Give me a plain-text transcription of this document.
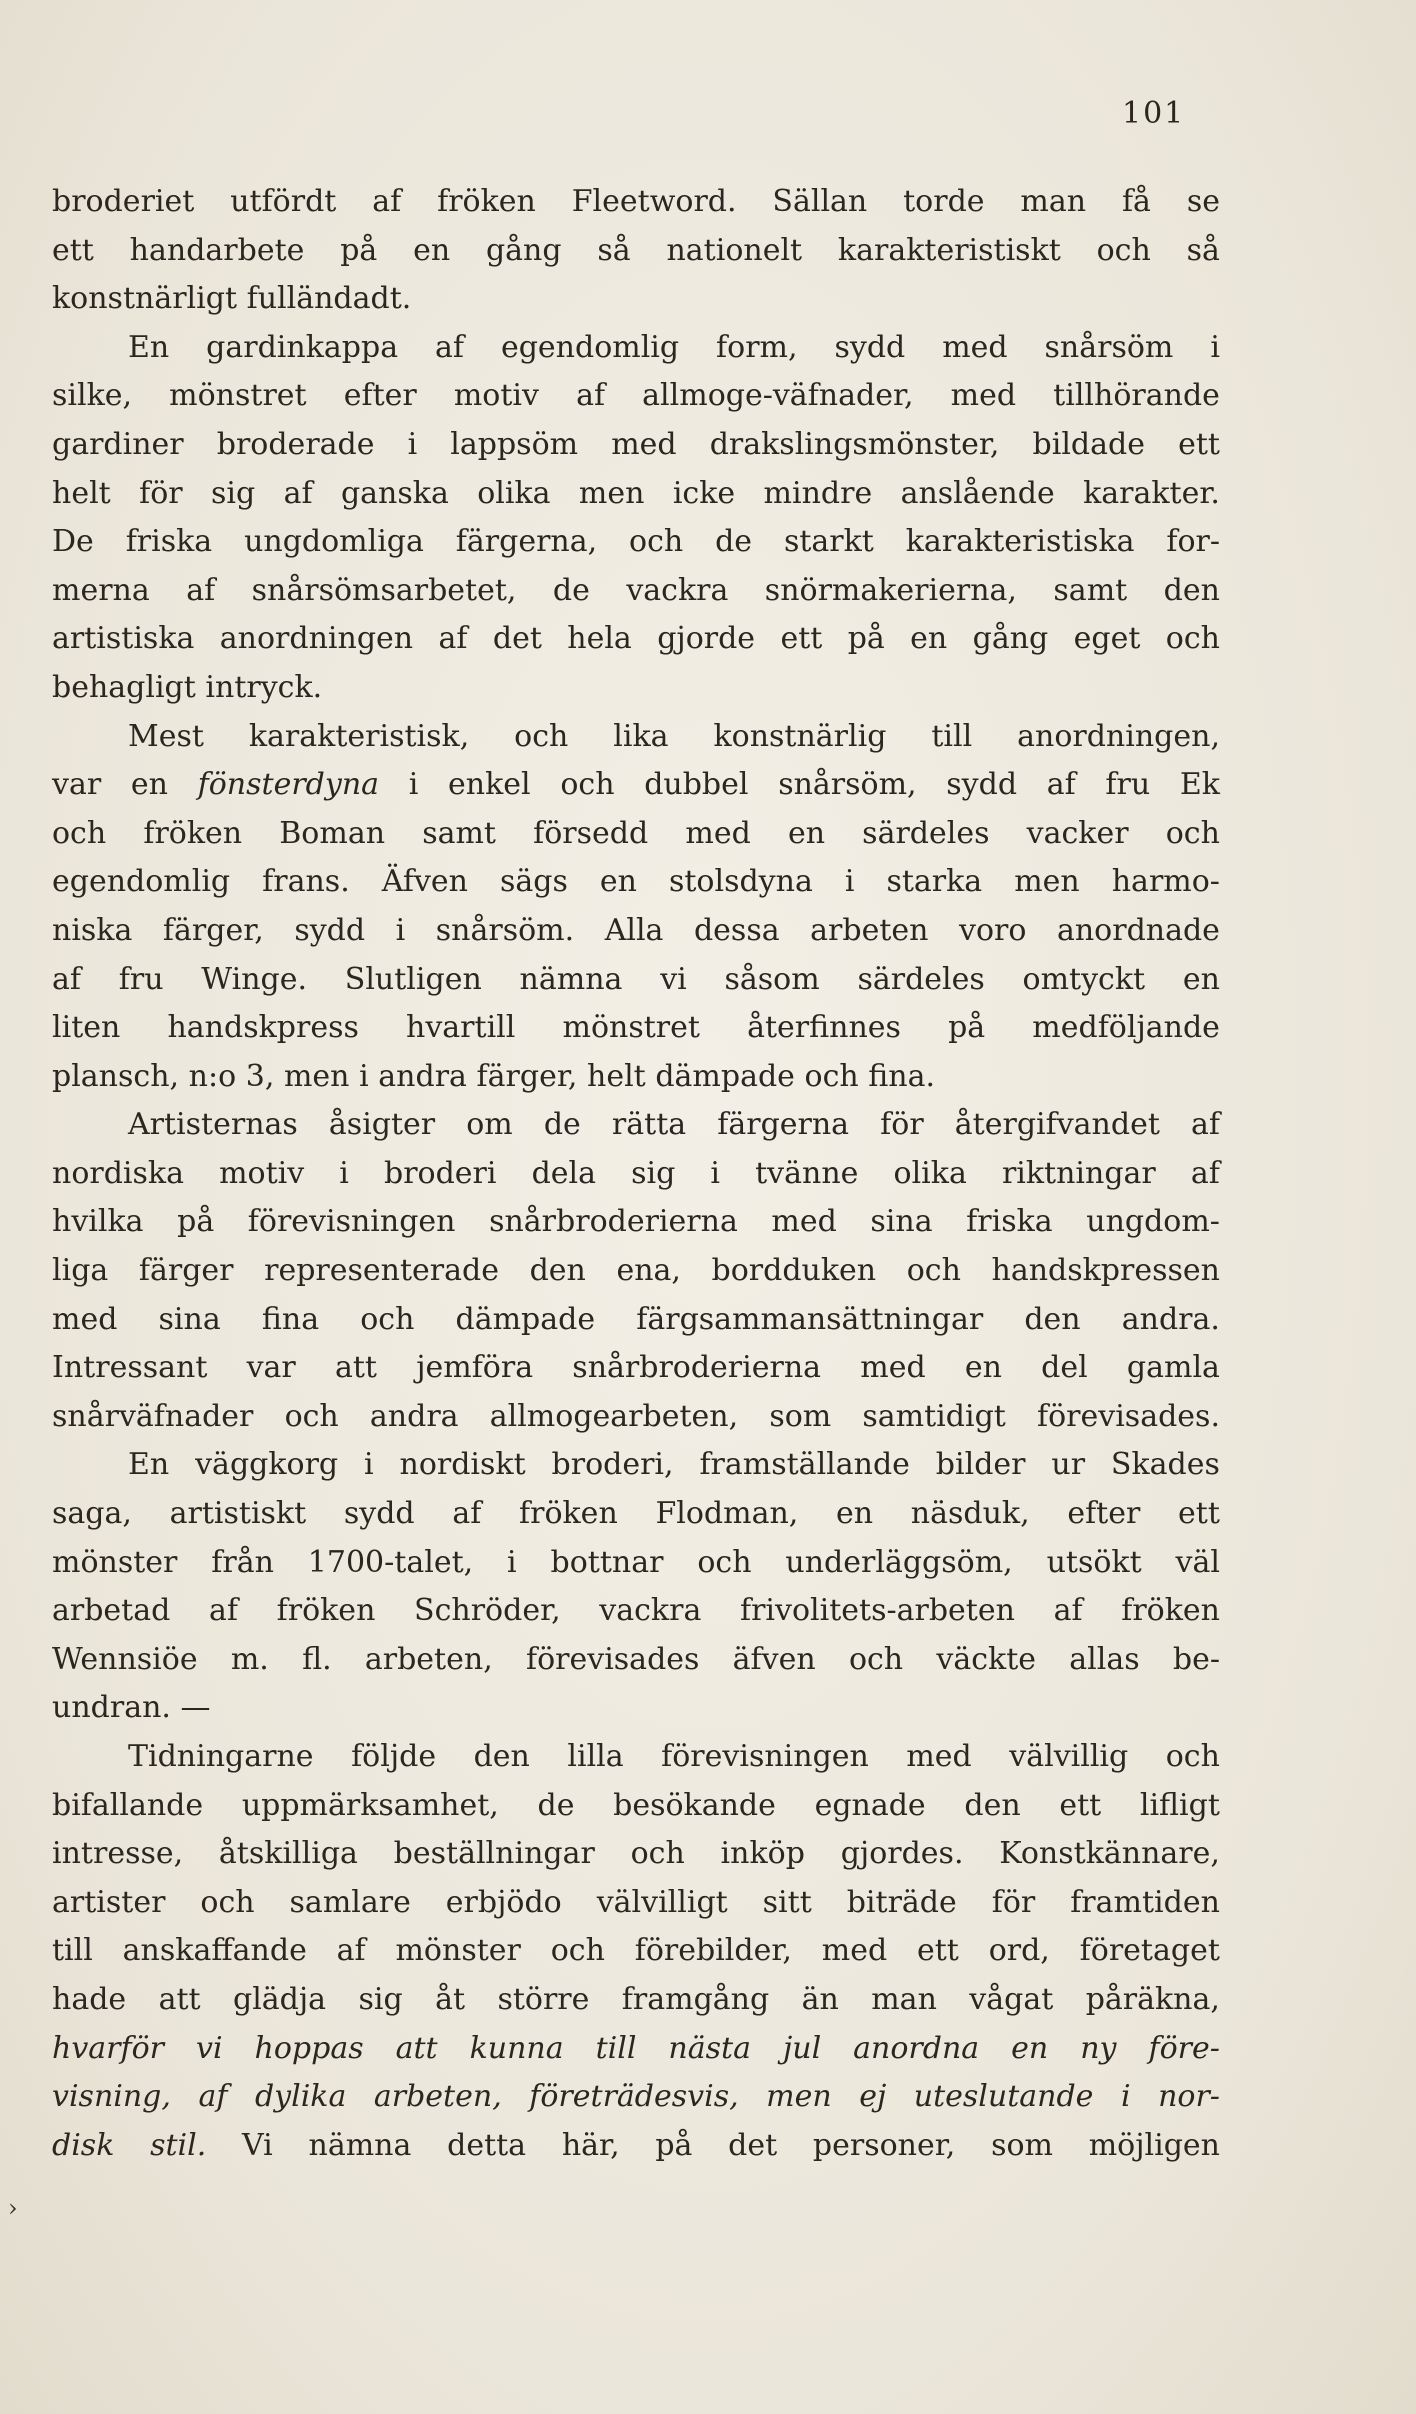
101
›
broderiet utfördt af fröken Fleetword. Sällan torde man få se
ett handarbete på en gång så nationelt karakteristiskt och så
konstnärligt fulländadt.
En gardinkappa af egendomlig form, sydd med snårsöm i
silke, mönstret efter motiv af allmoge-väfnader, med tillhörande
gardiner broderade i lappsöm med drakslingsmönster, bildade ett
helt för sig af ganska olika men icke mindre anslående karakter.
De friska ungdomliga färgerna, och de starkt karakteristiska for-
merna af snårsömsarbetet, de vackra snörmakerierna, samt den
artistiska anordningen af det hela gjorde ett på en gång eget och
behagligt intryck.
Mest karakteristisk, och lika konstnärlig till anordningen,
var en fönsterdyna i enkel och dubbel snårsöm, sydd af fru Ek
och fröken Boman samt försedd med en särdeles vacker och
egendomlig frans. Äfven sägs en stolsdyna i starka men harmo-
niska färger, sydd i snårsöm. Alla dessa arbeten voro anordnade
af fru Winge. Slutligen nämna vi såsom särdeles omtyckt en
liten handskpress hvartill mönstret återfinnes på medföljande
plansch, n:o 3, men i andra färger, helt dämpade och fina.
Artisternas åsigter om de rätta färgerna för återgifvandet af
nordiska motiv i broderi dela sig i tvänne olika riktningar af
hvilka på förevisningen snårbroderierna med sina friska ungdom-
liga färger representerade den ena, bordduken och handskpressen
med sina fina och dämpade färgsammansättningar den andra.
Intressant var att jemföra snårbroderierna med en del gamla
snårväfnader och andra allmogearbeten, som samtidigt förevisades.
En väggkorg i nordiskt broderi, framställande bilder ur Skades
saga, artistiskt sydd af fröken Flodman, en näsduk, efter ett
mönster från 1700-talet, i bottnar och underläggsöm, utsökt väl
arbetad af fröken Schröder, vackra frivolitets-arbeten af fröken
Wennsiöe m. fl. arbeten, förevisades äfven och väckte allas be-
undran. —
Tidningarne följde den lilla förevisningen med välvillig och
bifallande uppmärksamhet, de besökande egnade den ett lifligt
intresse, åtskilliga beställningar och inköp gjordes. Konstkännare,
artister och samlare erbjödo välvilligt sitt biträde för framtiden
till anskaffande af mönster och förebilder, med ett ord, företaget
hade att glädja sig åt större framgång än man vågat påräkna,
hvarför vi hoppas att kunna till nästa jul anordna en ny före-
visning, af dylika arbeten, företrädesvis, men ej uteslutande i nor-
disk stil. Vi nämna detta här, på det personer, som möjligen
